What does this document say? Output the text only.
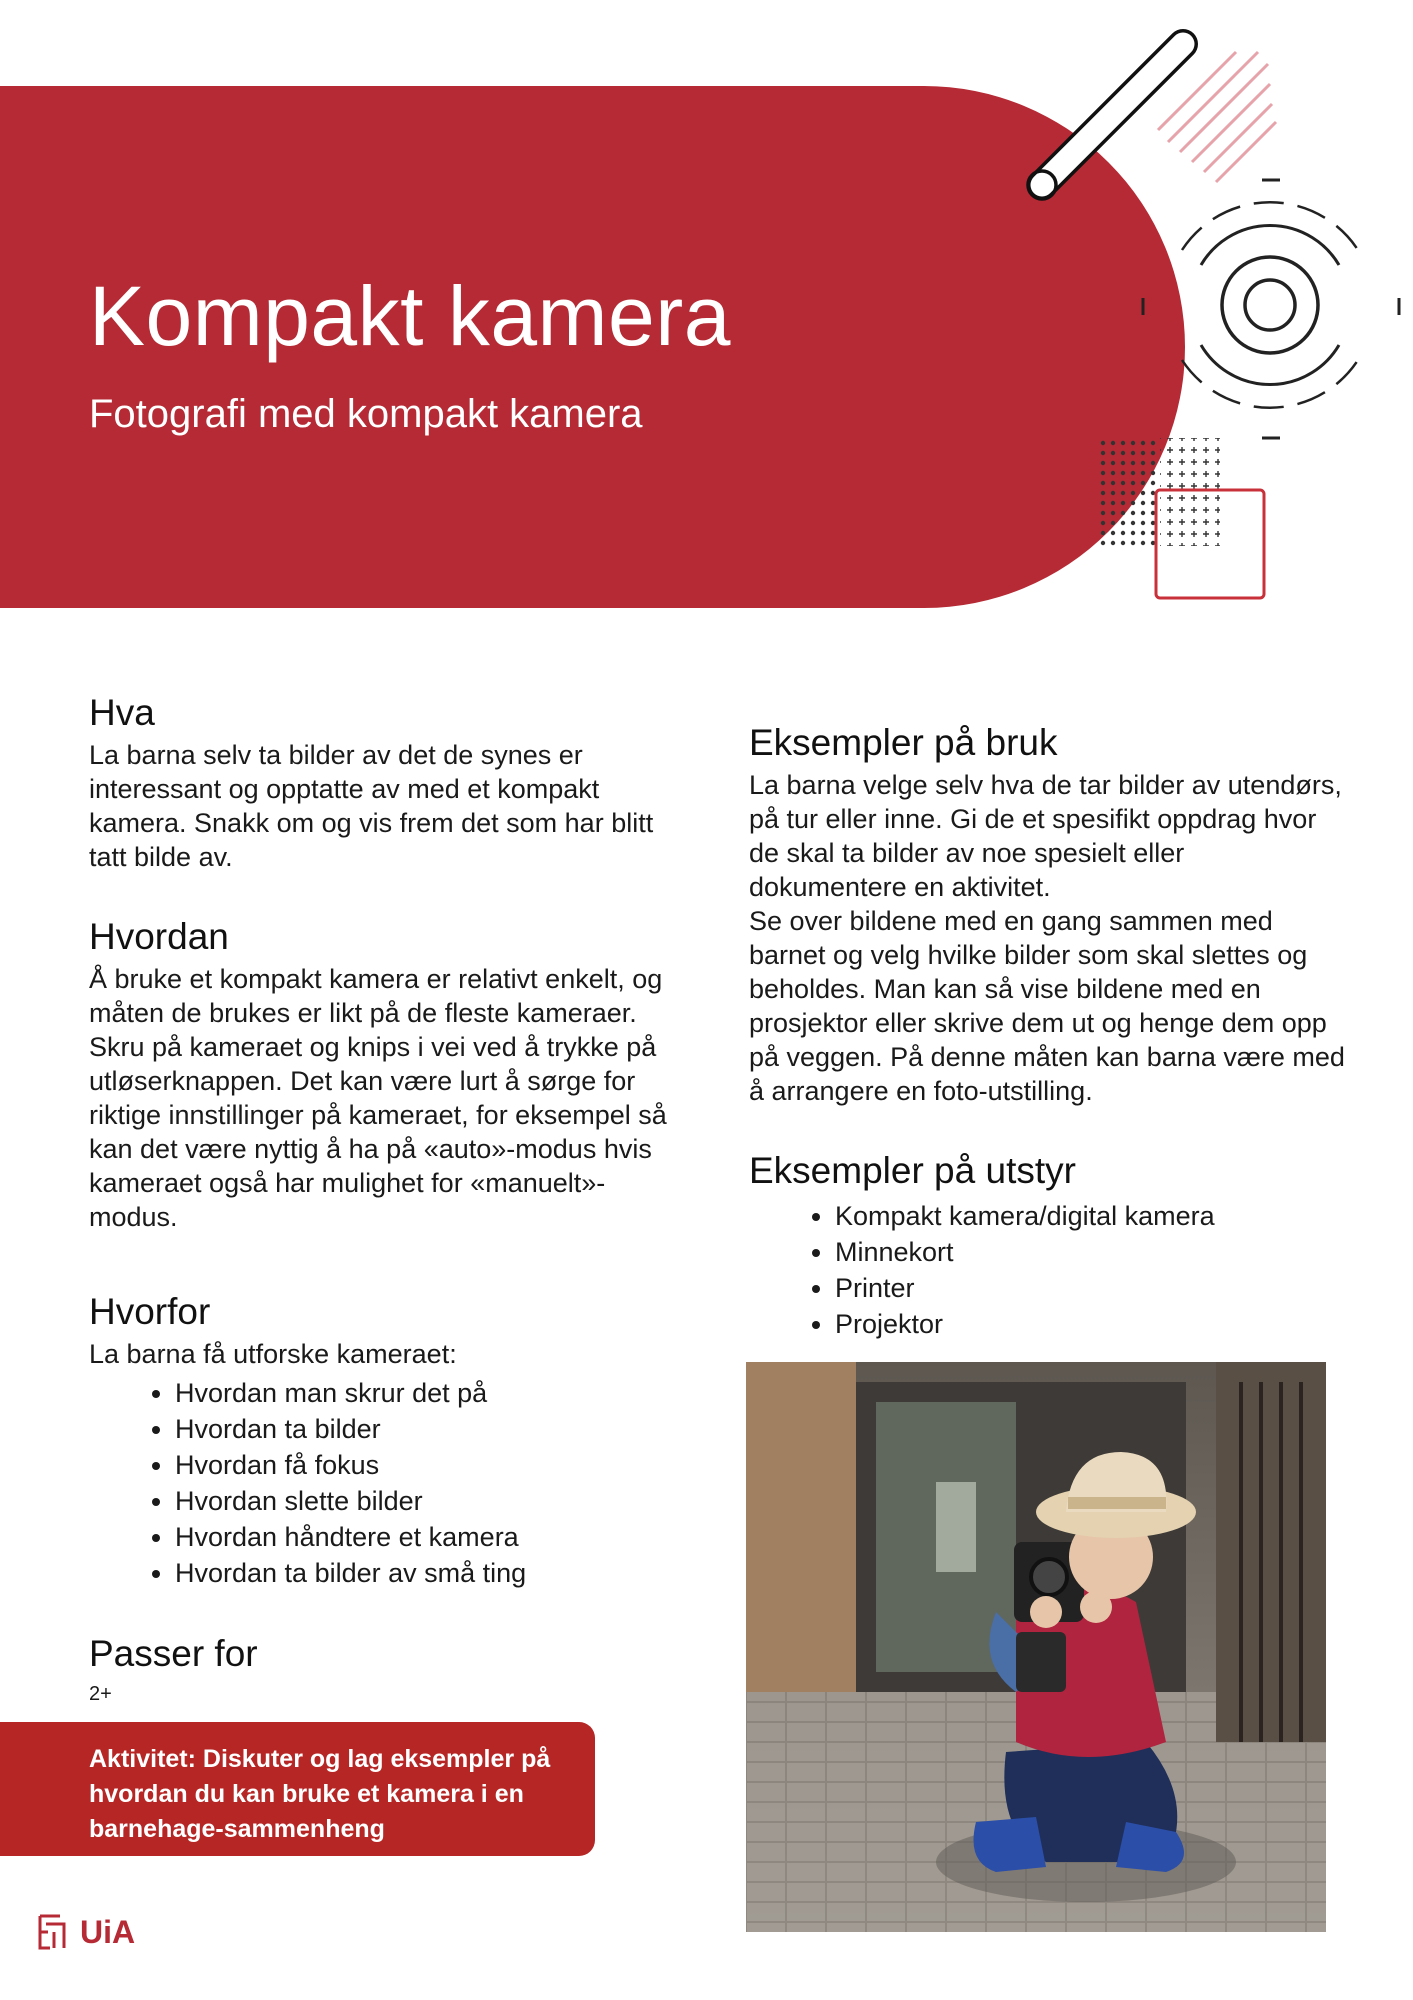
Kompakt kamera
Fotografi med kompakt kamera
Hva

La barna selv ta bilder av det de synes er interessant og opptatte av med et kompakt kamera. Snakk om og vis frem det som har blitt tatt bilde av.

Hvordan

Å bruke et kompakt kamera er relativt enkelt, og måten de brukes er likt på de fleste kameraer. Skru på kameraet og knips i vei ved å trykke på utløserknappen. Det kan være lurt å sørge for riktige innstillinger på kameraet, for eksempel så kan det være nyttig å ha på «auto»-modus hvis kameraet også har mulighet for «manuelt»-modus.

Hvorfor

La barna få utforske kameraet:

• Hvordan man skrur det på
• Hvordan ta bilder
• Hvordan få fokus
• Hvordan slette bilder
• Hvordan håndtere et kamera
• Hvordan ta bilder av små ting
Passer for

2+

Eksempler på bruk

La barna velge selv hva de tar bilder av utendørs, på tur eller inne. Gi de et spesifikt oppdrag hvor de skal ta bilder av noe spesielt eller dokumentere en aktivitet.

Se over bildene med en gang sammen med barnet og velg hvilke bilder som skal slettes og beholdes. Man kan så vise bildene med en prosjektor eller skrive dem ut og henge dem opp på veggen. På denne måten kan barna være med å arrangere en foto-utstilling.

Eksempler på utstyr
• Kompakt kamera/digital kamera
• Minnekort
• Printer
• Projektor

Aktivitet: Diskuter og lag eksempler på hvordan du kan bruke et kamera i en barnehage-sammenheng

UiA
